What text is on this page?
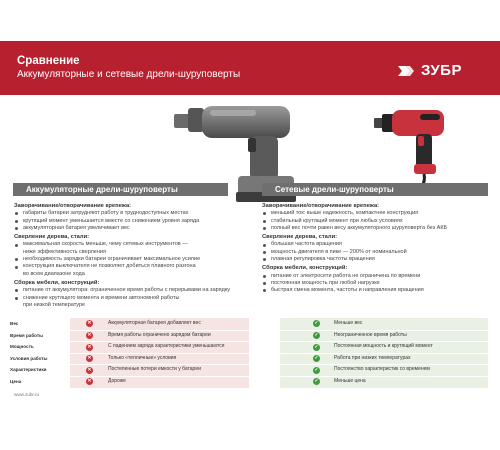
Сравнение
Аккумуляторные и сетевые дрели-шуруповерты	ЗУБР
Аккумуляторные дрели-шуруповерты	Сетевые дрели-шуруповерты
Заворачивание/отворачивание крепежа:
габариты батареи затрудняют работу в труднодоступных местах
крутящий момент уменьшается вместе со снижением уровня заряда
аккумуляторная батарея увеличивает вес
Сверление дерева, стали:
максимальная скорость меньше, чему сетевых инструментов —
ниже эффективность сверления
необходимость зарядки батареи ограничивает максимальное усилие
конструкция выключателя не позволяет добиться плавного разгона
во всем диапазоне хода
Сборка мебели, конструкций:
питание от аккумулятора: ограниченное время работы с перерывами на зарядку
снижение крутящего момента и времени автономной работы
при низкой температуре
Заворачивание/отворачивание крепежа:
меньший ток: выше надежность, компактнее конструкция
стабильный крутящий момент при любых условиях
полный вес почти равен весу аккумуляторного шуруповерта без АКБ
Сверление дерева, стали:
большая частота вращения
мощность двигателя в пике — 200% от номинальной
плавная регулировка частоты вращения
Сборка мебели, конструкций:
питание от электросети работа не ограничена по времени
постоянная мощность при любой нагрузке
быстрая смена момента, частоты и направления вращения
Вес	✕	Аккумуляторная батарея добавляет вес	✓	Меньше вес
Время работы	✕	Время работы ограничено зарядом батареи	✓	Неограниченное время работы
Мощность	✕	С падением заряда характеристики уменьшаются	✓	Постоянная мощность и крутящий момент
Условия работы	✕	Только «тепличные» условия	✓	Работа при низких температурах
Характеристики	✕	Постепенные потери емкости у батареи	✓	Постоянство характеристик со временем
Цена	✕	Дороже	✓	Меньше цена
www.zubr.ru
